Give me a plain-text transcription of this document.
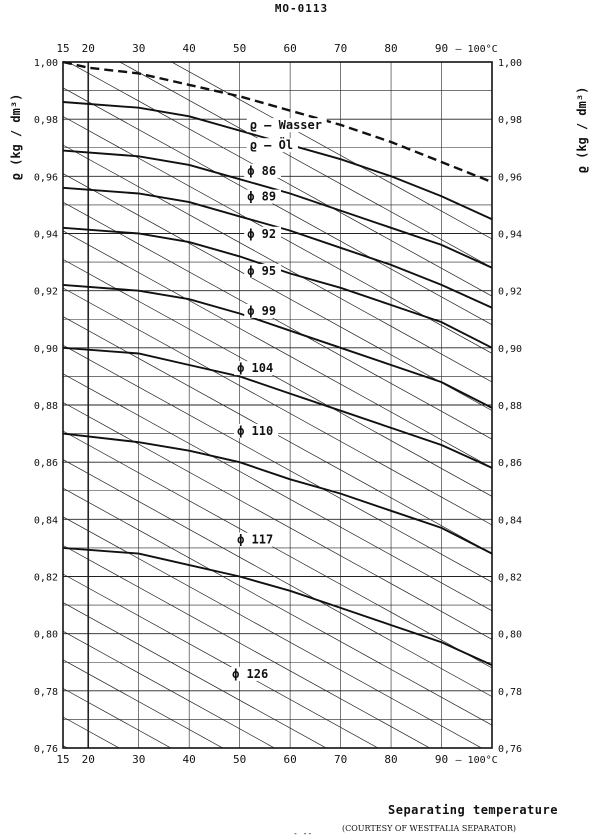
MO-0113
15
15
20
20
30
30
40
40
50
50
60
60
70
70
80
80
90
90
– 100°C
– 100°C
0,76	0,76
0,78	0,78
0,80	0,80
0,82	0,82
0,84	0,84
0,86	0,86
0,88	0,88
0,90	0,90
0,92	0,92
0,94	0,94
0,96	0,96
0,98	0,98
1,00	1,00
ϱ – Wasser
ϱ – Öl
ϕ 86
ϕ 89
ϕ 92
ϕ 95
ϕ 99
ϕ 104
ϕ 110
ϕ 126
ϕ 117
ϱ (kg / dm³)	ϱ (kg / dm³)
Separating temperature
- --
(COURTESY OF WESTFALIA SEPARATOR)
